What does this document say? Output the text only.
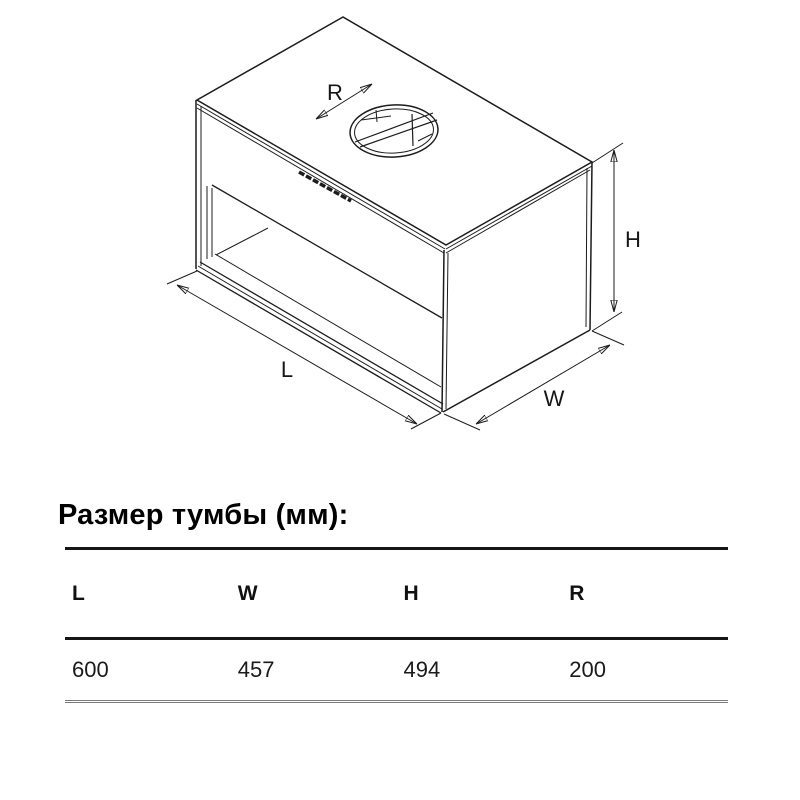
R
H
L
W
Размер тумбы (мм):
L	W	H	R
600	457	494	200
